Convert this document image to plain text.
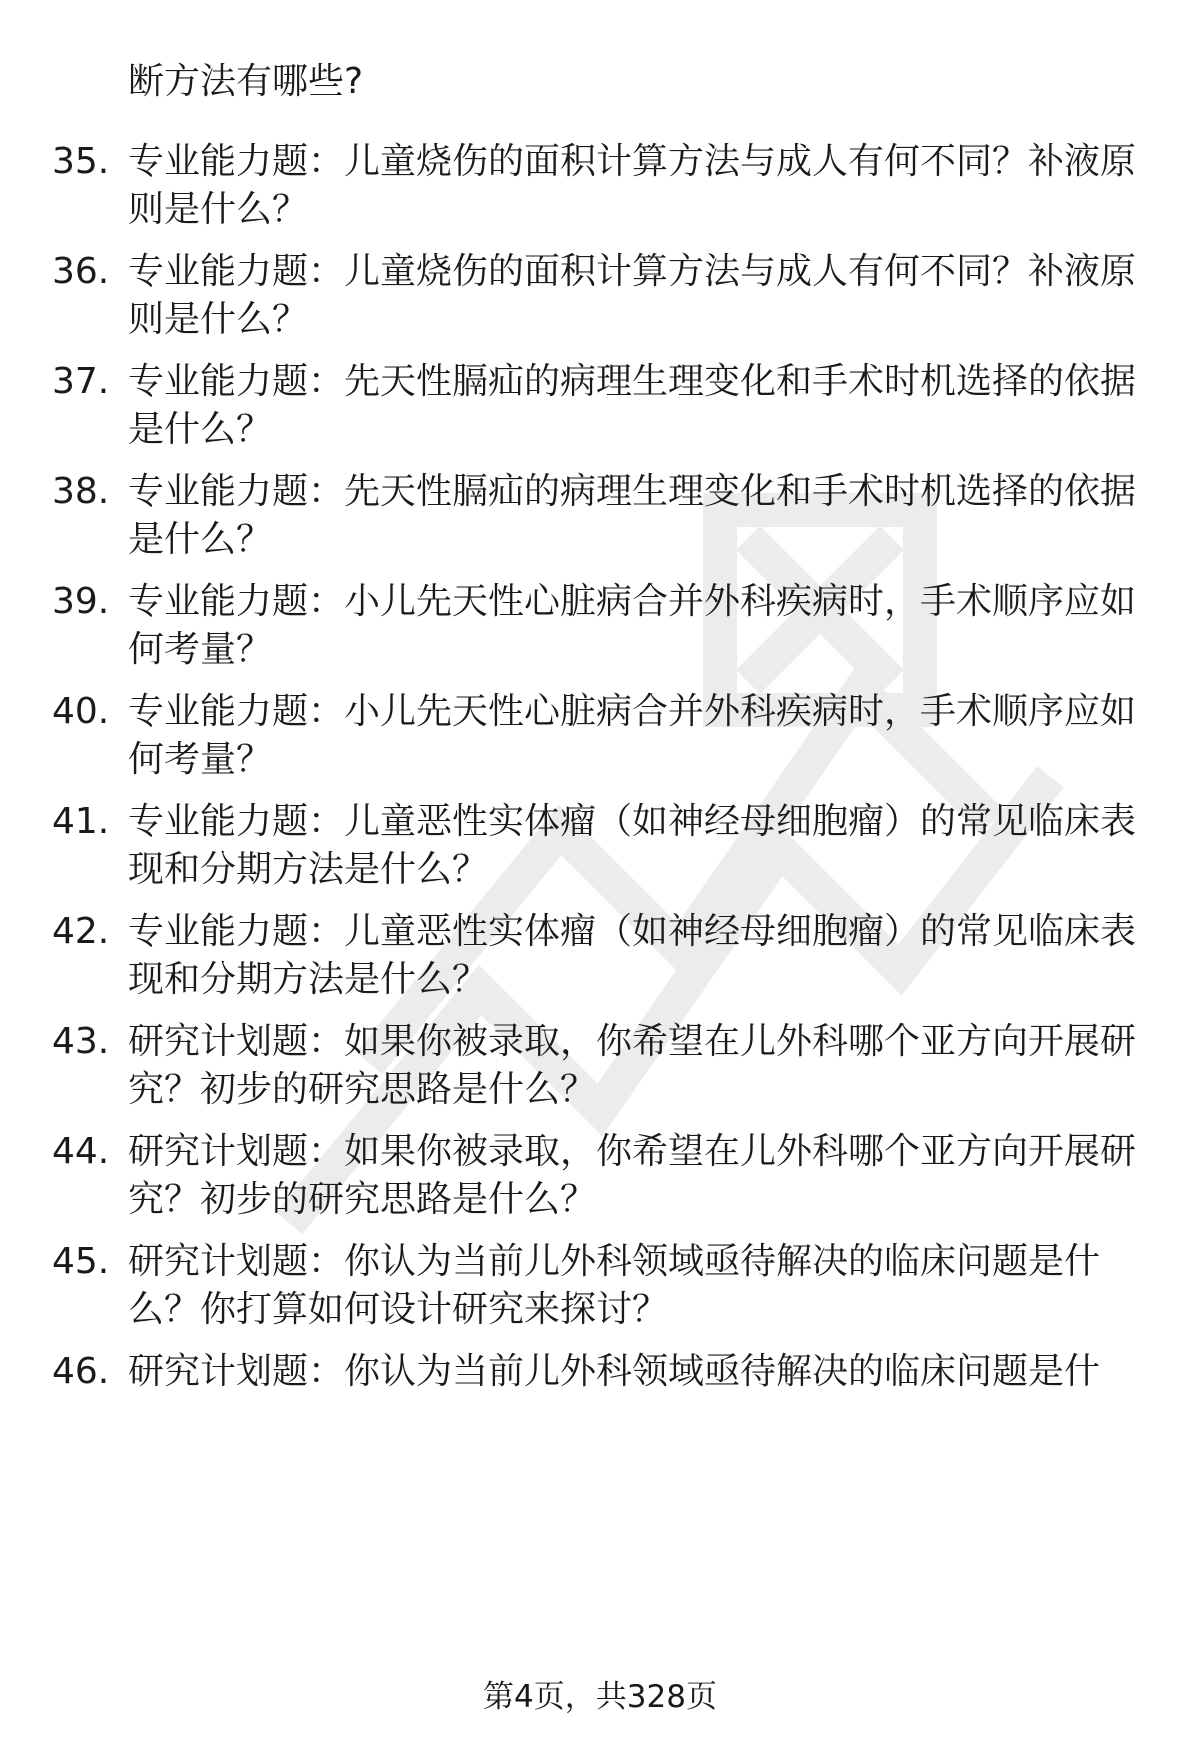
断方法有哪些?
35. 专业能力题：儿童烧伤的面积计算方法与成人有何不同？补液原
则是什么？
36. 专业能力题：儿童烧伤的面积计算方法与成人有何不同？补液原
则是什么？
37. 专业能力题：先天性膈疝的病理生理变化和手术时机选择的依据
是什么？
38. 专业能力题：先天性膈疝的病理生理变化和手术时机选择的依据
是什么？
39. 专业能力题：小儿先天性心脏病合并外科疾病时，手术顺序应如
何考量？
40. 专业能力题：小儿先天性心脏病合并外科疾病时，手术顺序应如
何考量？
41. 专业能力题：儿童恶性实体瘤（如神经母细胞瘤）的常见临床表
现和分期方法是什么？
42. 专业能力题：儿童恶性实体瘤（如神经母细胞瘤）的常见临床表
现和分期方法是什么？
43. 研究计划题：如果你被录取，你希望在儿外科哪个亚方向开展研
究？初步的研究思路是什么？
44. 研究计划题：如果你被录取，你希望在儿外科哪个亚方向开展研
究？初步的研究思路是什么？
45. 研究计划题：你认为当前儿外科领域亟待解决的临床问题是什
么？你打算如何设计研究来探讨？
46. 研究计划题：你认为当前儿外科领域亟待解决的临床问题是什
第4页，共328页
